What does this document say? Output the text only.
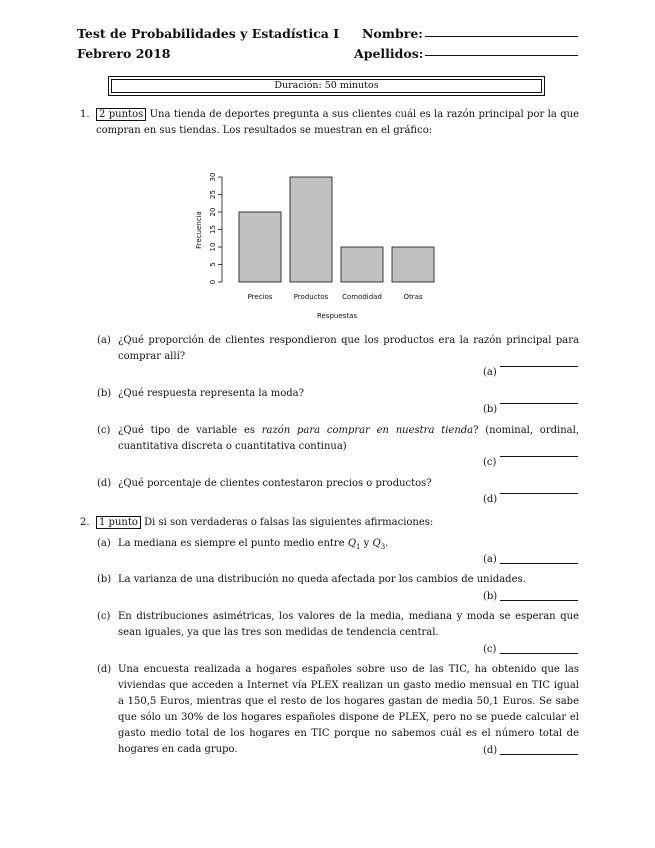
Test de Probabilidades y Estadística I
Febrero 2018
Nombre:
Apellidos:
Duración: 50 minutos
1. 2 puntos Una tienda de deportes pregunta a sus clientes cuál es la razón principal por la que compran en sus tiendas. Los resultados se muestran en el gráfico:
0
5
10
15
20
25
30
Precios	Productos Comodidad	Otras
Frecuencia
Respuestas
(a) ¿Qué proporción de clientes respondieron que los productos era la razón principal para comprar allí?
(a)
(b) ¿Qué respuesta representa la moda?
(b)
(c) ¿Qué tipo de variable es razón para comprar en nuestra tienda? (nominal, ordinal, cuantitativa discreta o cuantitativa continua)
(c)
(d) ¿Qué porcentaje de clientes contestaron precios o productos?
(d)
2. 1 punto Di si son verdaderas o falsas las siguientes afirmaciones:
(a) La mediana es siempre el punto medio entre $Q_1$ y $Q_3$.
(a)
(b) La varianza de una distribución no queda afectada por los cambios de unidades.
(b)
(c) En distribuciones asimétricas, los valores de la media, mediana y moda se esperan que sean iguales, ya que las tres son medidas de tendencia central.
(c)
(d) Una encuesta realizada a hogares españoles sobre uso de las TIC, ha obtenido que las viviendas que acceden a Internet vía PLEX realizan un gasto medio mensual en TIC igual a 150,5 Euros, mientras que el resto de los hogares gastan de media 50,1 Euros. Se sabe que sólo un 30% de los hogares españoles dispone de PLEX, pero no se puede calcular el gasto medio total de los hogares en TIC porque no sabemos cuál es el número total de hogares en cada grupo.	(d)
